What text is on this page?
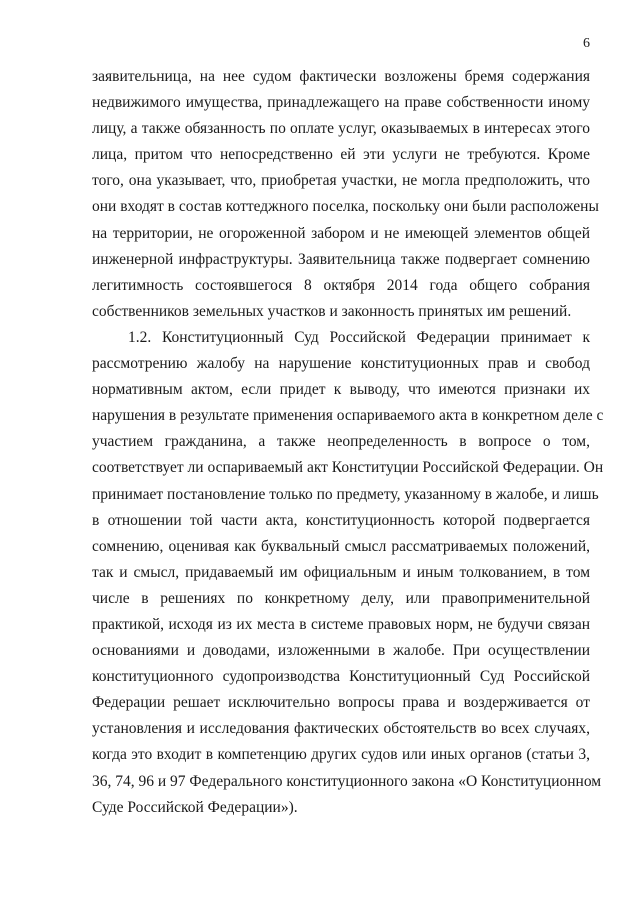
6
заявительница, на нее судом фактически возложены бремя содержания
недвижимого имущества, принадлежащего на праве собственности иному
лицу, а также обязанность по оплате услуг, оказываемых в интересах этого
лица, притом что непосредственно ей эти услуги не требуются. Кроме
того, она указывает, что, приобретая участки, не могла предположить, что
они входят в состав коттеджного поселка, поскольку они были расположены
на территории, не огороженной забором и не имеющей элементов общей
инженерной инфраструктуры. Заявительница также подвергает сомнению
легитимность состоявшегося 8 октября 2014 года общего собрания
собственников земельных участков и законность принятых им решений.
1.2. Конституционный Суд Российской Федерации принимает к
рассмотрению жалобу на нарушение конституционных прав и свобод
нормативным актом, если придет к выводу, что имеются признаки их
нарушения в результате применения оспариваемого акта в конкретном деле с
участием гражданина, а также неопределенность в вопросе о том,
соответствует ли оспариваемый акт Конституции Российской Федерации. Он
принимает постановление только по предмету, указанному в жалобе, и лишь
в отношении той части акта, конституционность которой подвергается
сомнению, оценивая как буквальный смысл рассматриваемых положений,
так и смысл, придаваемый им официальным и иным толкованием, в том
числе в решениях по конкретному делу, или правоприменительной
практикой, исходя из их места в системе правовых норм, не будучи связан
основаниями и доводами, изложенными в жалобе. При осуществлении
конституционного судопроизводства Конституционный Суд Российской
Федерации решает исключительно вопросы права и воздерживается от
установления и исследования фактических обстоятельств во всех случаях,
когда это входит в компетенцию других судов или иных органов (статьи 3,
36, 74, 96 и 97 Федерального конституционного закона «О Конституционном
Суде Российской Федерации»).
